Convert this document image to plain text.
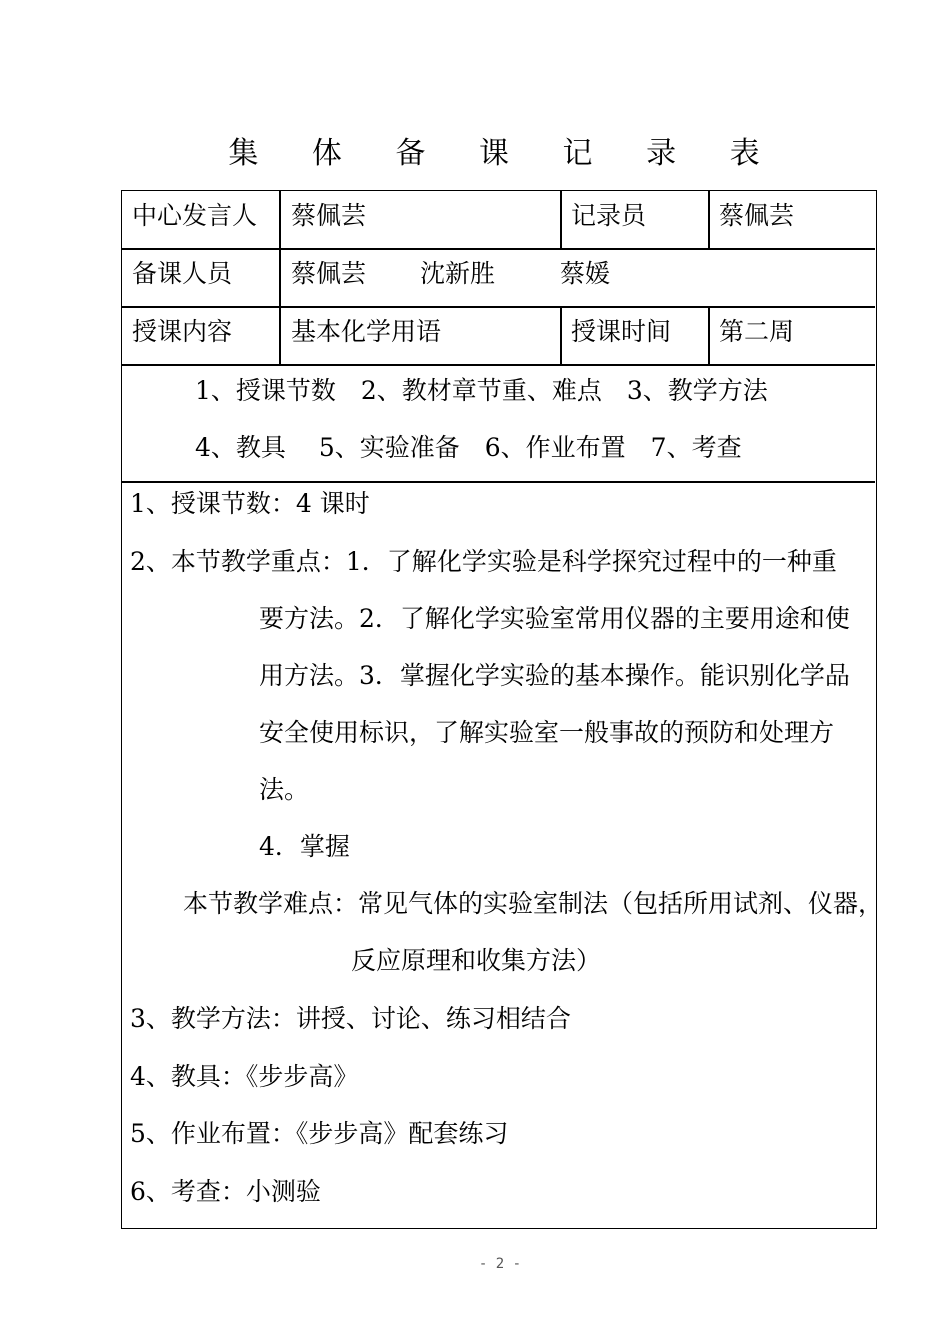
集 体 备 课 记 录 表
中心发言人 蔡佩芸	记录员	蔡佩芸
备课人员 蔡佩芸 沈新胜	蔡媛
授课内容 基本化学用语	授课时间 第二周
1、授课节数　2、教材章节重、难点　3、教学方法
4、教具　 5、实验准备　6、作业布置　7、考查
1、授课节数：4 课时
2、本节教学重点：1．了解化学实验是科学探究过程中的一种重
要方法。2．了解化学实验室常用仪器的主要用途和使
用方法。3．掌握化学实验的基本操作。能识别化学品
安全使用标识，了解实验室一般事故的预防和处理方
法。
4．掌握
本节教学难点：常见气体的实验室制法（包括所用试剂、仪器，
反应原理和收集方法）
3、教学方法：讲授、讨论、练习相结合
4、教具：《步步高》
5、作业布置：《步步高》配套练习
6、考查：小测验
- 2 -
